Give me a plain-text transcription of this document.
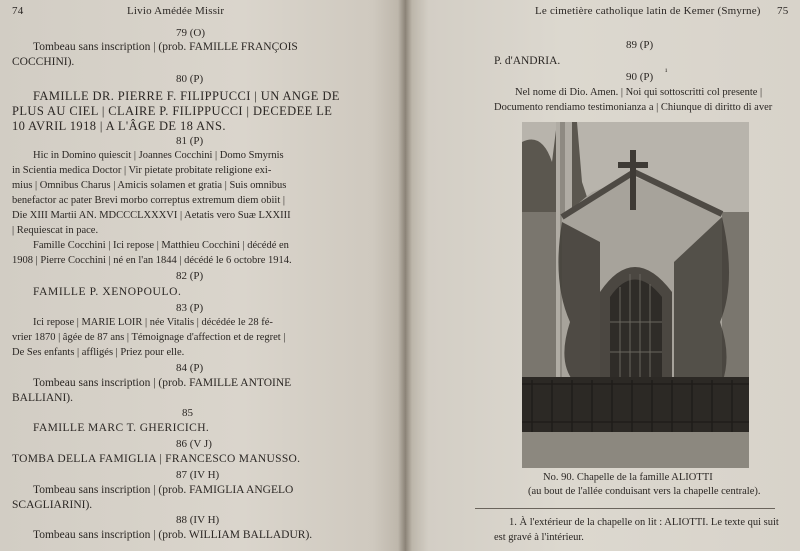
74	Livio Amédée Missir
Tombeau sans inscription | (prob. FAMILLE FRANÇOIS
COCCHINI).
79 (O)
80 (P)
FAMILLE DR. PIERRE F. FILIPPUCCI | UN ANGE DE
PLUS AU CIEL | CLAIRE P. FILIPPUCCI | DECEDEE LE
10 AVRIL 1918 | A L'ÂGE DE 18 ANS.
81 (P)
Hic in Domino quiescit | Joannes Cocchini | Domo Smyrnis
in Scientia medica Doctor | Vir pietate probitate religione exi-
mius | Omnibus Charus | Amicis solamen et gratia | Suis omnibus
benefactor ac pater Brevi morbo correptus extremum diem obiit |
Die XIII Martii AN. MDCCCLXXXVI | Aetatis vero Suæ LXXIII
| Requiescat in pace.
Famille Cocchini | Ici repose | Matthieu Cocchini | décédé en
1908 | Pierre Cocchini | né en l'an 1844 | décédé le 6 octobre 1914.
82 (P)
FAMILLE P. XENOPOULO.
83 (P)
Ici repose | MARIE LOIR | née Vitalis | décédée le 28 fé-
vrier 1870 | âgée de 87 ans | Témoignage d'affection et de regret |
De Ses enfants | affligés | Priez pour elle.
84 (P)
Tombeau sans inscription | (prob. FAMILLE ANTOINE
BALLIANI).
85
FAMILLE MARC T. GHERICICH.
86 (V J)
TOMBA DELLA FAMIGLIA | FRANCESCO MANUSSO.
87 (IV H)
Tombeau sans inscription | (prob. FAMIGLIA ANGELO
SCAGLIARINI).
88 (IV H)
Tombeau sans inscription | (prob. WILLIAM BALLADUR).
Le cimetière catholique latin de Kemer (Smyrne) 75
89 (P)
P. d'ANDRIA.
90 (P) ¹
Nel nome di Dio. Amen. | Noi qui sottoscritti col presente |
Documento rendiamo testimonianza a | Chiunque di diritto di aver
No. 90. Chapelle de la famille ALIOTTI
(au bout de l'allée conduisant vers la chapelle centrale).
1. À l'extérieur de la chapelle on lit : ALIOTTI. Le texte qui suit
est gravé à l'intérieur.
